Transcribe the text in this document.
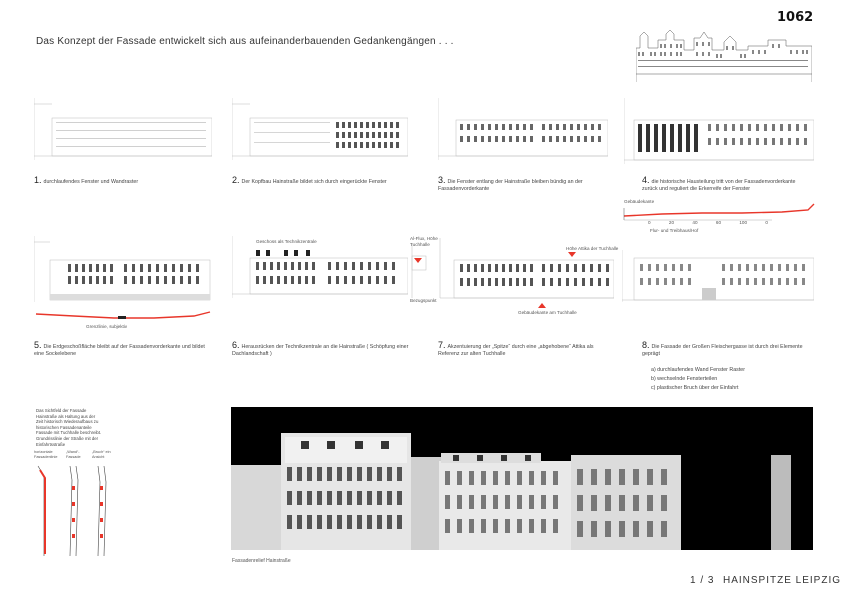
Das Konzept der Fassade entwickelt sich aus aufeinanderbauenden Gedankengängen . . .
1062
1. durchlaufendes Fenster und Wandraster	2. Der Kopfbau Hainstraße bildet sich durch eingerückte Fenster	3. Die Fenster entlang der Hainstraße bleiben bündig an der Fassadenvorderkante
4. die historische Hausteilung tritt von der Fassadenvorderkante zurück und reguliert die Erkerreife der Fenster
Gebäudekante
0	20	40	60	100	0
Flur- und Treibhaus/Hof
Grenzlinie, subjektiv
Geschoss als Technikzentrale
Al-Flux, Höhe Tuchhalle
Bezugspunkt
Höhe Attika der Tuchhalle
Gebäudekante am Tuchhalle
5. Die Erdgeschoßfläche bleibt auf der Fassadenvorderkante und bildet eine Sockelebene
6. Herausrücken der Technikzentrale an die Hainstraße ( Schöpfung einer Dachlandschaft )
7. Akzentuierung der „Spitze“ durch eine „abgehobene“ Attika als Referenz zur alten Tuchhalle
8. Die Fassade der Großen Fleischergasse ist durch drei Elemente geprägt
a) durchlaufendes Wand Fenster Raster
b) wechselnde Fensterteilen
c) plastischer Bruch über der Einfahrt
Das Sichtfeld der Fassade Hainstraße als Haltung aus der Zeit historisch Wiederaufbaus zu historischen Fassadenanteile Fassade mit Tuchhalle beschreibt. Grundrisslinie der Straße mit der Einfahrtsstraße
horizontale Fassadenlinie
„Wand“-Fassade
„Bruch“ ein Ansicht
Fassadenrelief Hainstraße
1 / 3 HAINSPITZE LEIPZIG
